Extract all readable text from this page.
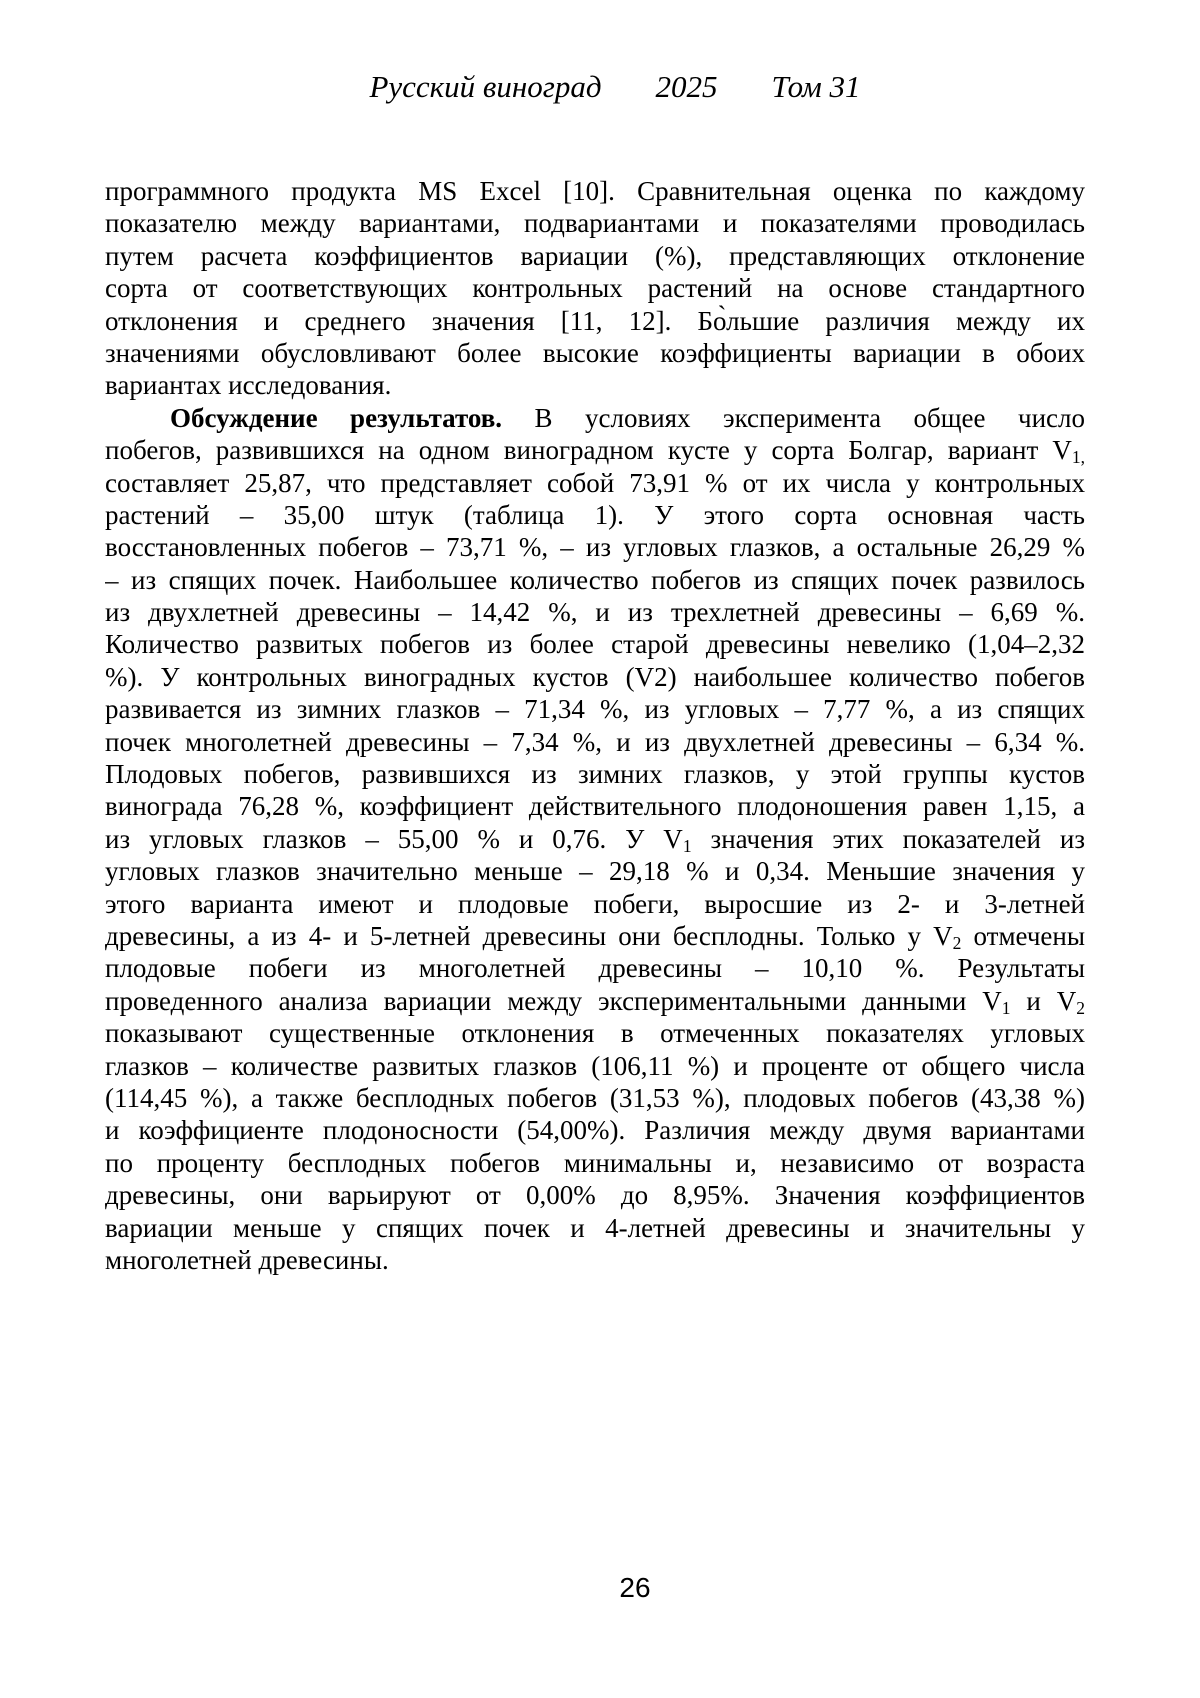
Русский виноград 2025 Том 31
программного продукта MS Excel [10]. Сравнительная оценка по каждому
показателю между вариантами, подвариантами и показателями проводилась
путем расчета коэффициентов вариации (%), представляющих отклонение
сорта от соответствующих контрольных растений на основе стандартного
отклонения и среднего значения [11, 12]. Бо̀льшие различия между их
значениями обусловливают более высокие коэффициенты вариации в обоих
вариантах исследования.
Обсуждение результатов. В условиях эксперимента общее число
побегов, развившихся на одном виноградном кусте у сорта Болгар, вариант V1,
составляет 25,87, что представляет собой 73,91 % от их числа у контрольных
растений – 35,00 штук (таблица 1). У этого сорта основная часть
восстановленных побегов – 73,71 %, – из угловых глазков, а остальные 26,29 %
– из спящих почек. Наибольшее количество побегов из спящих почек развилось
из двухлетней древесины – 14,42 %, и из трехлетней древесины – 6,69 %.
Количество развитых побегов из более старой древесины невелико (1,04–2,32
%). У контрольных виноградных кустов (V2) наибольшее количество побегов
развивается из зимних глазков – 71,34 %, из угловых – 7,77 %, а из спящих
почек многолетней древесины – 7,34 %, и из двухлетней древесины – 6,34 %.
Плодовых побегов, развившихся из зимних глазков, у этой группы кустов
винограда 76,28 %, коэффициент действительного плодоношения равен 1,15, а
из угловых глазков – 55,00 % и 0,76. У V1 значения этих показателей из
угловых глазков значительно меньше – 29,18 % и 0,34. Меньшие значения у
этого варианта имеют и плодовые побеги, выросшие из 2- и 3-летней
древесины, а из 4- и 5-летней древесины они бесплодны. Только у V2 отмечены
плодовые побеги из многолетней древесины – 10,10 %. Результаты
проведенного анализа вариации между экспериментальными данными V1 и V2
показывают существенные отклонения в отмеченных показателях угловых
глазков – количестве развитых глазков (106,11 %) и проценте от общего числа
(114,45 %), а также бесплодных побегов (31,53 %), плодовых побегов (43,38 %)
и коэффициенте плодоносности (54,00%). Различия между двумя вариантами
по проценту бесплодных побегов минимальны и, независимо от возраста
древесины, они варьируют от 0,00% до 8,95%. Значения коэффициентов
вариации меньше у спящих почек и 4-летней древесины и значительны у
многолетней древесины.
26
